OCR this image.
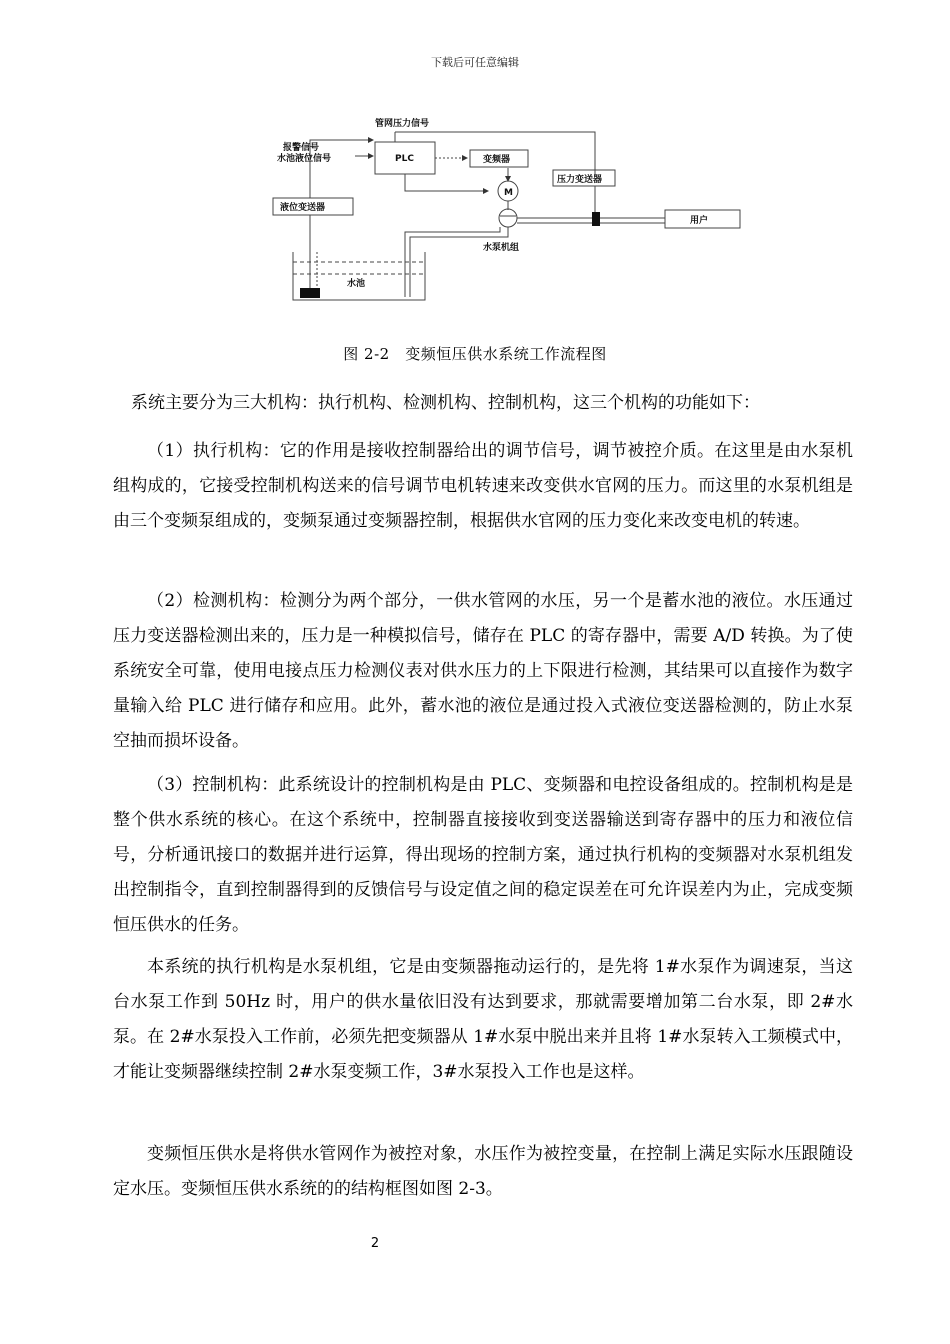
下载后可任意编辑
管网压力信号
报警信号
水池液位信号	PLC	变频器
M
压力变送器
液位变送器
用户
水泵机组
水池
图 2-2　变频恒压供水系统工作流程图

系统主要分为三大机构：执行机构、检测机构、控制机构，这三个机构的功能如下：

（1）执行机构：它的作用是接收控制器给出的调节信号，调节被控介质。在这里是由水泵机组构成的，它接受控制机构送来的信号调节电机转速来改变供水官网的压力。而这里的水泵机组是由三个变频泵组成的，变频泵通过变频器控制，根据供水官网的压力变化来改变电机的转速。

（2）检测机构：检测分为两个部分，一供水管网的水压，另一个是蓄水池的液位。水压通过压力变送器检测出来的，压力是一种模拟信号，储存在 PLC 的寄存器中，需要 A/D 转换。为了使系统安全可靠，使用电接点压力检测仪表对供水压力的上下限进行检测，其结果可以直接作为数字量输入给 PLC 进行储存和应用。此外，蓄水池的液位是通过投入式液位变送器检测的，防止水泵空抽而损坏设备。

（3）控制机构：此系统设计的控制机构是由 PLC、变频器和电控设备组成的。控制机构是是整个供水系统的核心。在这个系统中，控制器直接接收到变送器输送到寄存器中的压力和液位信号，分析通讯接口的数据并进行运算，得出现场的控制方案，通过执行机构的变频器对水泵机组发出控制指令，直到控制器得到的反馈信号与设定值之间的稳定误差在可允许误差内为止，完成变频恒压供水的任务。

本系统的执行机构是水泵机组，它是由变频器拖动运行的，是先将 1#水泵作为调速泵，当这台水泵工作到 50Hz 时，用户的供水量依旧没有达到要求，那就需要增加第二台水泵，即 2#水泵。在 2#水泵投入工作前，必须先把变频器从 1#水泵中脱出来并且将 1#水泵转入工频模式中，才能让变频器继续控制 2#水泵变频工作，3#水泵投入工作也是这样。

变频恒压供水是将供水管网作为被控对象，水压作为被控变量，在控制上满足实际水压跟随设定水压。变频恒压供水系统的的结构框图如图 2-3。

2
